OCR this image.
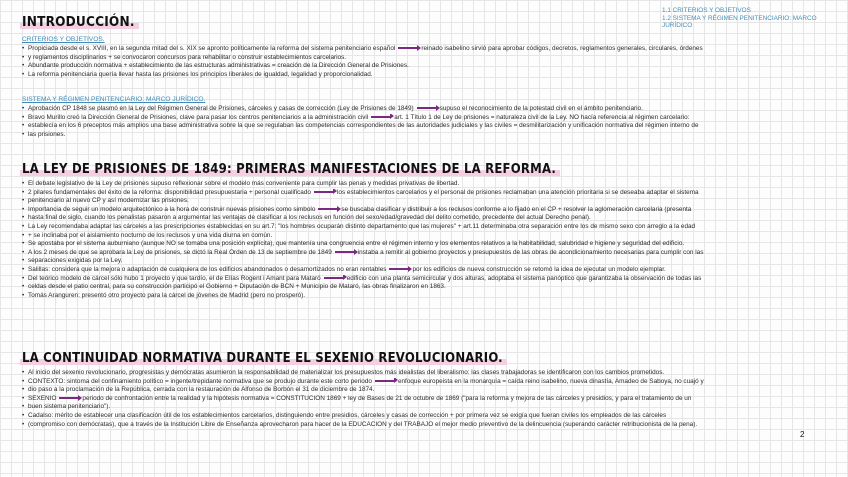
1.1 CRITERIOS Y OBJETIVOS
1.2 SISTEMA Y RÉGIMEN PENITENCIARIO: MARCO JURÍDICO
INTRODUCCIÓN.
CRITERIOS Y OBJETIVOS.
• Propiciada desde el s. XVIII, en la segunda mitad del s. XIX se apronto políticamente la reforma del sistema penitenciario español	reinado isabelino sirvió para aprobar códigos, decretos, reglamentos generales, circulares, órdenes
• y reglamentos disciplinarios + se convocaron concursos para rehabilitar o construir establecimientos carcelarios.
• Abundante producción normativa + establecimiento de las estructuras administrativas = creación de la Dirección General de Prisiones.
• La reforma penitenciaria quería llevar hasta las prisiones los principios liberales de igualdad, legalidad y proporcionalidad.
SISTEMA Y RÉGIMEN PENITENCIARIO: MARCO JURÍDICO.
• Aprobación CP 1848 se plasmó en la Ley del Régimen General de Prisiones, cárceles y casas de corrección (Ley de Prisiones de 1849)	supuso el reconocimiento de la potestad civil en el ámbito penitenciario.
• Bravo Murillo creó la Dirección General de Prisiones, clave para pasar los centros penitenciarios a la administración civil	art. 1 Título 1 de Ley de prisiones = naturaleza civil de la Ley. NO hacía referencia al régimen carcelario:
• establecía en los 6 preceptos más amplios una base administrativa sobre la que se regulaban las competencias correspondientes de las autoridades judiciales y las civiles = desmilitarización y unificación normativa del régimen interno de
• las prisiones.
LA LEY DE PRISIONES DE 1849: PRIMERAS MANIFESTACIONES DE LA REFORMA.
• El debate legislativo de la Ley de prisiones supuso reflexionar sobre el modelo más conveniente para cumplir las penas y medidas privativas de libertad.
• 2 pilares fundamentales del éxito de la reforma: disponibilidad presupuestaria + personal cualificado	los establecimientos carcelarios y el personal de prisiones reclamaban una atención prioritaria si se deseaba adaptar el sistema
• penitenciario al nuevo CP y así modernizar las prisiones.
• Importancia de seguir un modelo arquitectónico a la hora de construir nuevas prisiones como simbolo	se buscaba clasificar y distribuir a los reclusos conforme a lo fijado en el CP + resolver la aglomeración carcelaria (presenta
• hasta final de siglo, cuando los penalistas pasaron a argumentar las ventajas de clasificar a los reclusos en función del sexo/edad/gravedad del delito cometido, precedente del actual Derecho penal).
• La Ley recomendaba adaptar las cárceles a las prescripciones establecidas en su art.7: "los hombres ocuparán distinto departamento que las mujeres" + art.11 determinaba otra separación entre los de mismo sexo con arreglo a la edad
• + se inclinaba por el aislamiento nocturno de los reclusos y una vida diurna en común.
• Se apostaba por el sistema auburniano (aunque NO se tomaba una posición explícita), que mantenía una congruencia entre el régimen interno y los elementos relativos a la habitabilidad, salubridad e higiene y seguridad del edificio.
• A los 2 meses de que se aprobara la Ley de prisiones, se dictó la Real Orden de 13 de septiembre de 1849	instaba a remitir al gobierno proyectos y presupuestos de las obras de acondicionamiento necesarias para cumplir con las
• separaciones exigidas por la Ley.
• Salillas: considera que la mejora o adaptación de cualquiera de los edificios abandonados o desamortizados no eran rentables	por los edificios de nueva construcción se retomó la idea de ejecutar un modelo ejemplar.
• Del teórico modelo de cárcel sólo hubo 1 proyecto y que tardío, el de Elías Rogent i Amant para Mataró	edificio con una planta semicircular y dos alturas, adoptaba el sistema panóptico que garantizaba la observación de todas las
• celdas desde el patio central, para su construcción participó el Gobierno + Diputación de BCN + Municipio de Mataró, las obras finalizaron en 1863.
• Tomás Aranguren: presentó otro proyecto para la cárcel de jóvenes de Madrid (pero no prosperó).
LA CONTINUIDAD NORMATIVA DURANTE EL SEXENIO REVOLUCIONARIO.
• Al inicio del sexenio revolucionario, progresistas y demócratas asumieron la responsabilidad de materializar los presupuestos más idealistas del liberalismo: las clases trabajadoras se identificaron con los cambios prometidos.
• CONTEXTO: sintoma del confinamiento político = ingente/trepidante normativa que se produjo durante este corto periodo	enfoque europeista en la monarquía = caída reino isabelino, nueva dinastía, Amadeo de Saboya, no cuajó y
• dio paso a la proclamación de la República, cerrada con la restauración de Alfonso de Borbón el 31 de diciembre de 1874.
• SEXENIO	periodo de confrontación entre la realidad y la hipótesis normativa = CONSTITUCIÓN 1869 + ley de Bases de 21 de octubre de 1869 ("para la reforma y mejora de las cárceles y presidios, y para el tratamiento de un
• buen sistema penitenciario").
• Cadalso: mérito de establecer una clasificación útil de los establecimientos carcelarios, distinguiendo entre presidios, cárceles y casas de corrección + por primera vez se exigía que fueran civiles los empleados de las cárceles
• (compromiso con demócratas), que a través de la Institución Libre de Enseñanza aprovecharon para hacer de la EDUCACIÓN y del TRABAJO el mejor medio preventivo de la delincuencia (superando carácter retribucionista de la pena).
2
